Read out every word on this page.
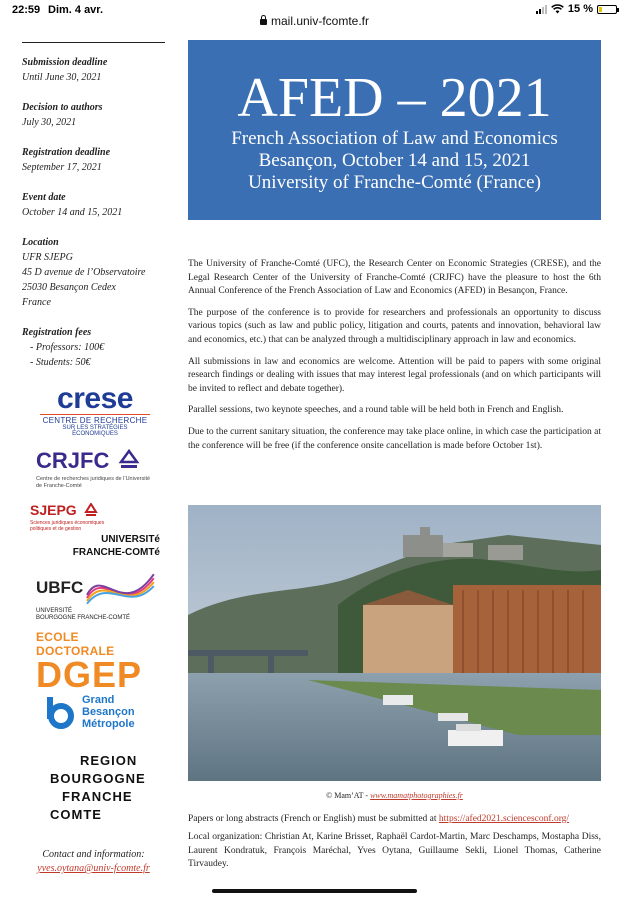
22:59 Dim. 4 avr.	15 %
mail.univ-fcomte.fr
Submission deadline
Until June 30, 2021
Decision to authors
July 30, 2021
Registration deadline
September 17, 2021
Event date
October 14 and 15, 2021
Location
UFR SJEPG
45 D avenue de l’Observatoire
25030 Besançon Cedex
France
Registration fees
- Professors: 100€
- Students: 50€
crese
CENTRE DE RECHERCHE
SUR LES STRATÉGIES ÉCONOMIQUES
CRJFC
Centre de recherches juridiques de l’Université de Franche-Comté
SJEPG
Sciences juridiques économiques politiques et de gestion
UNIVERSITé
FRANCHE-COMTé
UBFC
UNIVERSITÉ
BOURGOGNE FRANCHE-COMTÉ
ECOLE DOCTORALE
DGEP
Grand
Besançon
Métropole
REGION
BOURGOGNE
FRANCHE
COMTE
Contact and information:
yves.oytana@univ-fcomte.fr
AFED – 2021
French Association of Law and Economics
Besançon, October 14 and 15, 2021
University of Franche-Comté (France)

The University of Franche-Comté (UFC), the Research Center on Economic Strategies (CRESE), and the Legal Research Center of the University of Franche-Comté (CRJFC) have the pleasure to host the 6th Annual Conference of the French Association of Law and Economics (AFED) in Besançon, France.

The purpose of the conference is to provide for researchers and professionals an opportunity to discuss various topics (such as law and public policy, litigation and courts, patents and innovation, behavioral law and economics, etc.) that can be analyzed through a multidisciplinary approach in law and economics.

All submissions in law and economics are welcome. Attention will be paid to papers with some original research findings or dealing with issues that may interest legal professionals (and on which participants will be invited to reflect and debate together).

Parallel sessions, two keynote speeches, and a round table will be held both in French and English.

Due to the current sanitary situation, the conference may take place online, in which case the participation at the conference will be free (if the conference onsite cancellation is made before October 1st).

© Mam’AT - www.mamatphotographies.fr
Papers or long abstracts (French or English) must be submitted at https://afed2021.sciencesconf.org/
Local organization: Christian At, Karine Brisset, Raphaël Cardot-Martin, Marc Deschamps, Mostapha Diss, Laurent Kondratuk, François Maréchal, Yves Oytana, Guillaume Sekli, Lionel Thomas, Catherine Tirvaudey.
